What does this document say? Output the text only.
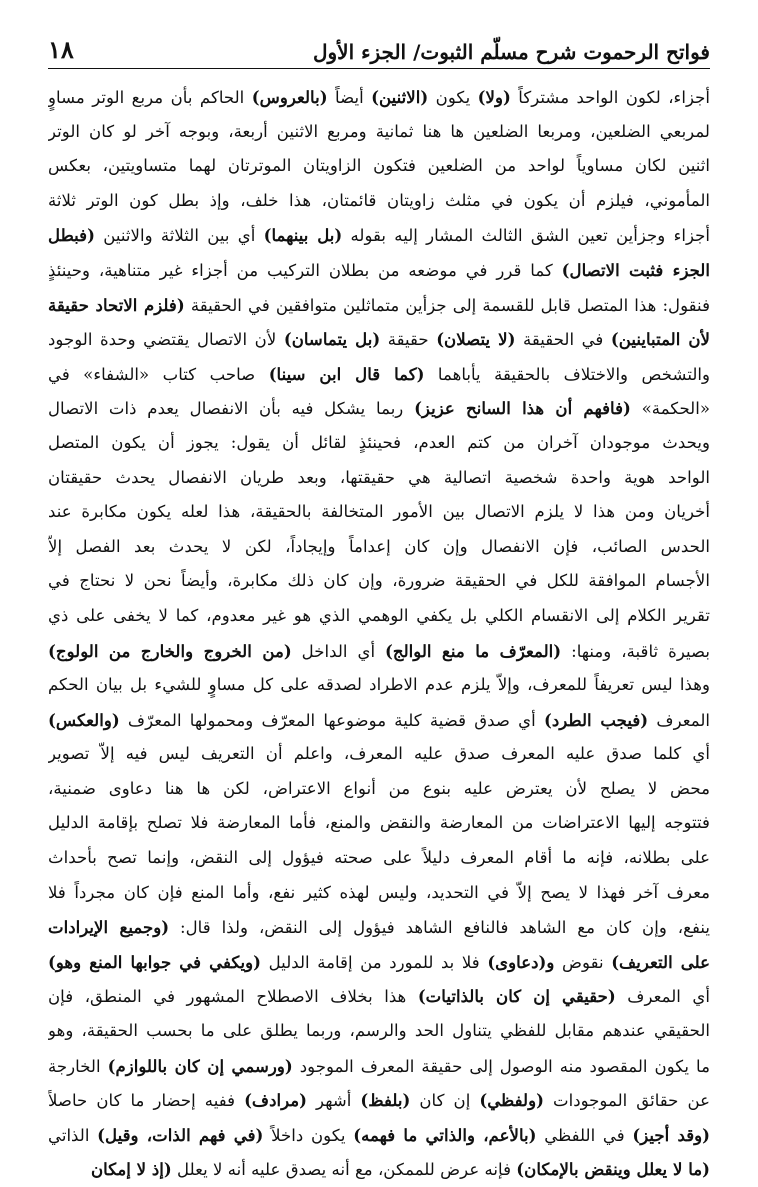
فواتح الرحموت شرح مسلّم الثبوت/ الجزء الأول
١٨
أجزاء، لكون الواحد مشتركاً (ولا) يكون (الاثنين) أيضاً (بالعروس) الحاكم بأن مربع الوتر مساوٍ
لمربعي الضلعين، ومربعا الضلعين ها هنا ثمانية ومربع الاثنين أربعة، وبوجه آخر لو كان الوتر
اثنين لكان مساوياً لواحد من الضلعين فتكون الزاويتان الموترتان لهما متساويتين، بعكس
المأموني، فيلزم أن يكون في مثلث زاويتان قائمتان، هذا خلف، وإذ بطل كون الوتر ثلاثة
أجزاء وجزأين تعين الشق الثالث المشار إليه بقوله (بل بينهما) أي بين الثلاثة والاثنين (فبطل
الجزء فثبت الاتصال) كما قرر في موضعه من بطلان التركيب من أجزاء غير متناهية، وحينئذٍ
فنقول: هذا المتصل قابل للقسمة إلى جزأين متماثلين متوافقين في الحقيقة (فلزم الاتحاد حقيقة
لأن المتباينين) في الحقيقة (لا يتصلان) حقيقة (بل يتماسان) لأن الاتصال يقتضي وحدة الوجود
والتشخص والاختلاف بالحقيقة يأباهما (كما قال ابن سينا) صاحب كتاب «الشفاء» في
«الحكمة» (فافهم أن هذا السانح عزيز) ربما يشكل فيه بأن الانفصال يعدم ذات الاتصال
ويحدث موجودان آخران من كتم العدم، فحينئذٍ لقائل أن يقول: يجوز أن يكون المتصل
الواحد هوية واحدة شخصية اتصالية هي حقيقتها، وبعد طريان الانفصال يحدث حقيقتان
أخريان ومن هذا لا يلزم الاتصال بين الأمور المتخالفة بالحقيقة، هذا لعله يكون مكابرة عند
الحدس الصائب، فإن الانفصال وإن كان إعداماً وإيجاداً، لكن لا يحدث بعد الفصل إلاّ
الأجسام الموافقة للكل في الحقيقة ضرورة، وإن كان ذلك مكابرة، وأيضاً نحن لا نحتاج في
تقرير الكلام إلى الانقسام الكلي بل يكفي الوهمي الذي هو غير معدوم، كما لا يخفى على ذي
بصيرة ثاقبة، ومنها: (المعرّف ما منع الوالج) أي الداخل (من الخروج والخارج من الولوج)
وهذا ليس تعريفاً للمعرف، وإلاّ يلزم عدم الاطراد لصدقه على كل مساوٍ للشيء بل بيان الحكم
المعرف (فيجب الطرد) أي صدق قضية كلية موضوعها المعرّف ومحمولها المعرّف (والعكس)
أي كلما صدق عليه المعرف صدق عليه المعرف، واعلم أن التعريف ليس فيه إلاّ تصوير
محض لا يصلح لأن يعترض عليه بنوع من أنواع الاعتراض، لكن ها هنا دعاوى ضمنية،
فتتوجه إليها الاعتراضات من المعارضة والنقض والمنع، فأما المعارضة فلا تصلح بإقامة الدليل
على بطلانه، فإنه ما أقام المعرف دليلاً على صحته فيؤول إلى النقض، وإنما تصح بأحداث
معرف آخر فهذا لا يصح إلاّ في التحديد، وليس لهذه كثير نفع، وأما المنع فإن كان مجرداً فلا
ينفع، وإن كان مع الشاهد فالنافع الشاهد فيؤول إلى النقض، ولذا قال: (وجميع الإيرادات
على التعريف) نقوض و(دعاوى) فلا بد للمورد من إقامة الدليل (ويكفي في جوابها المنع وهو)
أي المعرف (حقيقي إن كان بالذاتيات) هذا بخلاف الاصطلاح المشهور في المنطق، فإن
الحقيقي عندهم مقابل للفظي يتناول الحد والرسم، وربما يطلق على ما بحسب الحقيقة، وهو
ما يكون المقصود منه الوصول إلى حقيقة المعرف الموجود (ورسمي إن كان باللوازم) الخارجة
عن حقائق الموجودات (ولفظي) إن كان (بلفظ) أشهر (مرادف) ففيه إحضار ما كان حاصلاً
(وقد أجيز) في اللفظي (بالأعم، والذاتي ما فهمه) يكون داخلاً (في فهم الذات، وقيل) الذاتي
(ما لا يعلل وينقض بالإمكان) فإنه عرض للممكن، مع أنه يصدق عليه أنه لا يعلل (إذ لا إمكان
